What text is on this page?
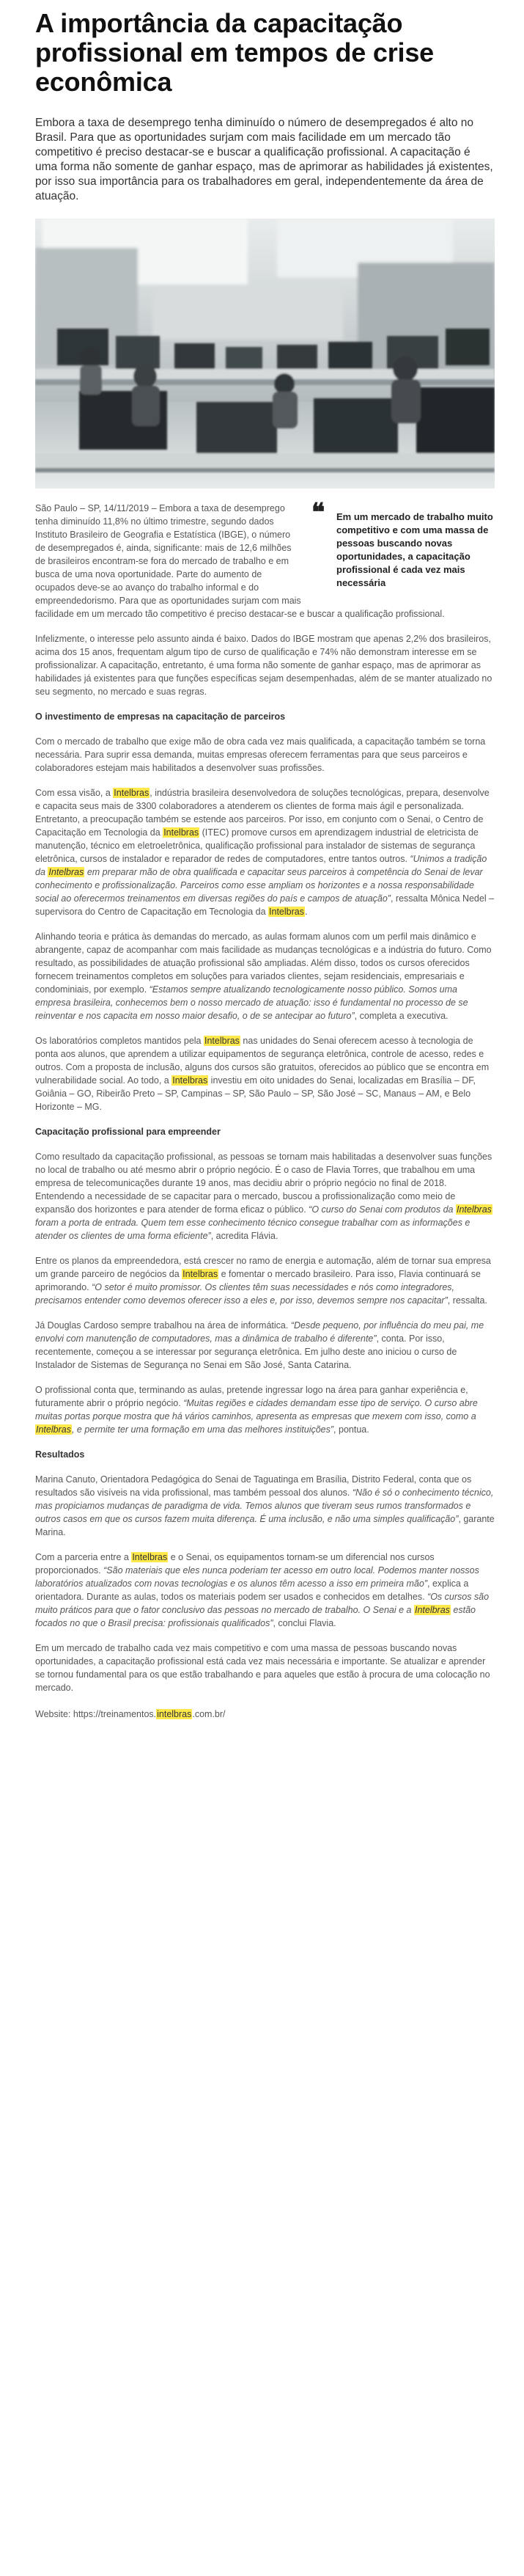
A importância da capacitação profissional em tempos de crise econômica

Embora a taxa de desemprego tenha diminuído o número de desempregados é alto no Brasil. Para que as oportunidades surjam com mais facilidade em um mercado tão competitivo é preciso destacar-se e buscar a qualificação profissional. A capacitação é uma forma não somente de ganhar espaço, mas de aprimorar as habilidades já existentes, por isso sua importância para os trabalhadores em geral, independentemente da área de atuação.

❝	Em um mercado de trabalho muito competitivo e com uma massa de pessoas buscando novas oportunidades, a capacitação profissional é cada vez mais necessária

São Paulo – SP, 14/11/2019 – Embora a taxa de desemprego tenha diminuído 11,8% no último trimestre, segundo dados Instituto Brasileiro de Geografia e Estatística (IBGE), o número de desempregados é, ainda, significante: mais de 12,6 milhões de brasileiros encontram-se fora do mercado de trabalho e em busca de uma nova oportunidade. Parte do aumento de ocupados deve-se ao avanço do trabalho informal e do empreendedorismo. Para que as oportunidades surjam com mais facilidade em um mercado tão competitivo é preciso destacar-se e buscar a qualificação profissional.

Infelizmente, o interesse pelo assunto ainda é baixo. Dados do IBGE mostram que apenas 2,2% dos brasileiros, acima dos 15 anos, frequentam algum tipo de curso de qualificação e 74% não demonstram interesse em se profissionalizar. A capacitação, entretanto, é uma forma não somente de ganhar espaço, mas de aprimorar as habilidades já existentes para que funções específicas sejam desempenhadas, além de se manter atualizado no seu segmento, no mercado e suas regras.

O investimento de empresas na capacitação de parceiros

Com o mercado de trabalho que exige mão de obra cada vez mais qualificada, a capacitação também se torna necessária. Para suprir essa demanda, muitas empresas oferecem ferramentas para que seus parceiros e colaboradores estejam mais habilitados a desenvolver suas profissões.

Com essa visão, a Intelbras, indústria brasileira desenvolvedora de soluções tecnológicas, prepara, desenvolve e capacita seus mais de 3300 colaboradores a atenderem os clientes de forma mais ágil e personalizada. Entretanto, a preocupação também se estende aos parceiros. Por isso, em conjunto com o Senai, o Centro de Capacitação em Tecnologia da Intelbras (ITEC) promove cursos em aprendizagem industrial de eletricista de manutenção, técnico em eletroeletrônica, qualificação profissional para instalador de sistemas de segurança eletrônica, cursos de instalador e reparador de redes de computadores, entre tantos outros. “Unimos a tradição da Intelbras em preparar mão de obra qualificada e capacitar seus parceiros à competência do Senai de levar conhecimento e profissionalização. Parceiros como esse ampliam os horizontes e a nossa responsabilidade social ao oferecermos treinamentos em diversas regiões do país e campos de atuação”, ressalta Mônica Nedel – supervisora do Centro de Capacitação em Tecnologia da Intelbras.

Alinhando teoria e prática às demandas do mercado, as aulas formam alunos com um perfil mais dinâmico e abrangente, capaz de acompanhar com mais facilidade as mudanças tecnológicas e a indústria do futuro. Como resultado, as possibilidades de atuação profissional são ampliadas. Além disso, todos os cursos oferecidos fornecem treinamentos completos em soluções para variados clientes, sejam residenciais, empresariais e condominiais, por exemplo. “Estamos sempre atualizando tecnologicamente nosso público. Somos uma empresa brasileira, conhecemos bem o nosso mercado de atuação: isso é fundamental no processo de se reinventar e nos capacita em nosso maior desafio, o de se antecipar ao futuro”, completa a executiva.

Os laboratórios completos mantidos pela Intelbras nas unidades do Senai oferecem acesso à tecnologia de ponta aos alunos, que aprendem a utilizar equipamentos de segurança eletrônica, controle de acesso, redes e outros. Com a proposta de inclusão, alguns dos cursos são gratuitos, oferecidos ao público que se encontra em vulnerabilidade social. Ao todo, a Intelbras investiu em oito unidades do Senai, localizadas em Brasília – DF, Goiânia – GO, Ribeirão Preto – SP, Campinas – SP, São Paulo – SP, São José – SC, Manaus – AM, e Belo Horizonte – MG.

Capacitação profissional para empreender

Como resultado da capacitação profissional, as pessoas se tornam mais habilitadas a desenvolver suas funções no local de trabalho ou até mesmo abrir o próprio negócio. É o caso de Flavia Torres, que trabalhou em uma empresa de telecomunicações durante 19 anos, mas decidiu abrir o próprio negócio no final de 2018. Entendendo a necessidade de se capacitar para o mercado, buscou a profissionalização como meio de expansão dos horizontes e para atender de forma eficaz o público. “O curso do Senai com produtos da Intelbras foram a porta de entrada. Quem tem esse conhecimento técnico consegue trabalhar com as informações e atender os clientes de uma forma eficiente”, acredita Flávia.

Entre os planos da empreendedora, está crescer no ramo de energia e automação, além de tornar sua empresa um grande parceiro de negócios da Intelbras e fomentar o mercado brasileiro. Para isso, Flavia continuará se aprimorando. “O setor é muito promissor. Os clientes têm suas necessidades e nós como integradores, precisamos entender como devemos oferecer isso a eles e, por isso, devemos sempre nos capacitar”, ressalta.

Já Douglas Cardoso sempre trabalhou na área de informática. “Desde pequeno, por influência do meu pai, me envolvi com manutenção de computadores, mas a dinâmica de trabalho é diferente”, conta. Por isso, recentemente, começou a se interessar por segurança eletrônica. Em julho deste ano iniciou o curso de Instalador de Sistemas de Segurança no Senai em São José, Santa Catarina.

O profissional conta que, terminando as aulas, pretende ingressar logo na área para ganhar experiência e, futuramente abrir o próprio negócio. “Muitas regiões e cidades demandam esse tipo de serviço. O curso abre muitas portas porque mostra que há vários caminhos, apresenta as empresas que mexem com isso, como a Intelbras, e permite ter uma formação em uma das melhores instituições”, pontua.

Resultados

Marina Canuto, Orientadora Pedagógica do Senai de Taguatinga em Brasília, Distrito Federal, conta que os resultados são visíveis na vida profissional, mas também pessoal dos alunos. “Não é só o conhecimento técnico, mas propiciamos mudanças de paradigma de vida. Temos alunos que tiveram seus rumos transformados e outros casos em que os cursos fazem muita diferença. É uma inclusão, e não uma simples qualificação”, garante Marina.

Com a parceria entre a Intelbras e o Senai, os equipamentos tornam-se um diferencial nos cursos proporcionados. “São materiais que eles nunca poderiam ter acesso em outro local. Podemos manter nossos laboratórios atualizados com novas tecnologias e os alunos têm acesso a isso em primeira mão”, explica a orientadora. Durante as aulas, todos os materiais podem ser usados e conhecidos em detalhes. “Os cursos são muito práticos para que o fator conclusivo das pessoas no mercado de trabalho. O Senai e a Intelbras estão focados no que o Brasil precisa: profissionais qualificados”, conclui Flavia.

Em um mercado de trabalho cada vez mais competitivo e com uma massa de pessoas buscando novas oportunidades, a capacitação profissional está cada vez mais necessária e importante. Se atualizar e aprender se tornou fundamental para os que estão trabalhando e para aqueles que estão à procura de uma colocação no mercado.

Website: https://treinamentos.intelbras.com.br/
